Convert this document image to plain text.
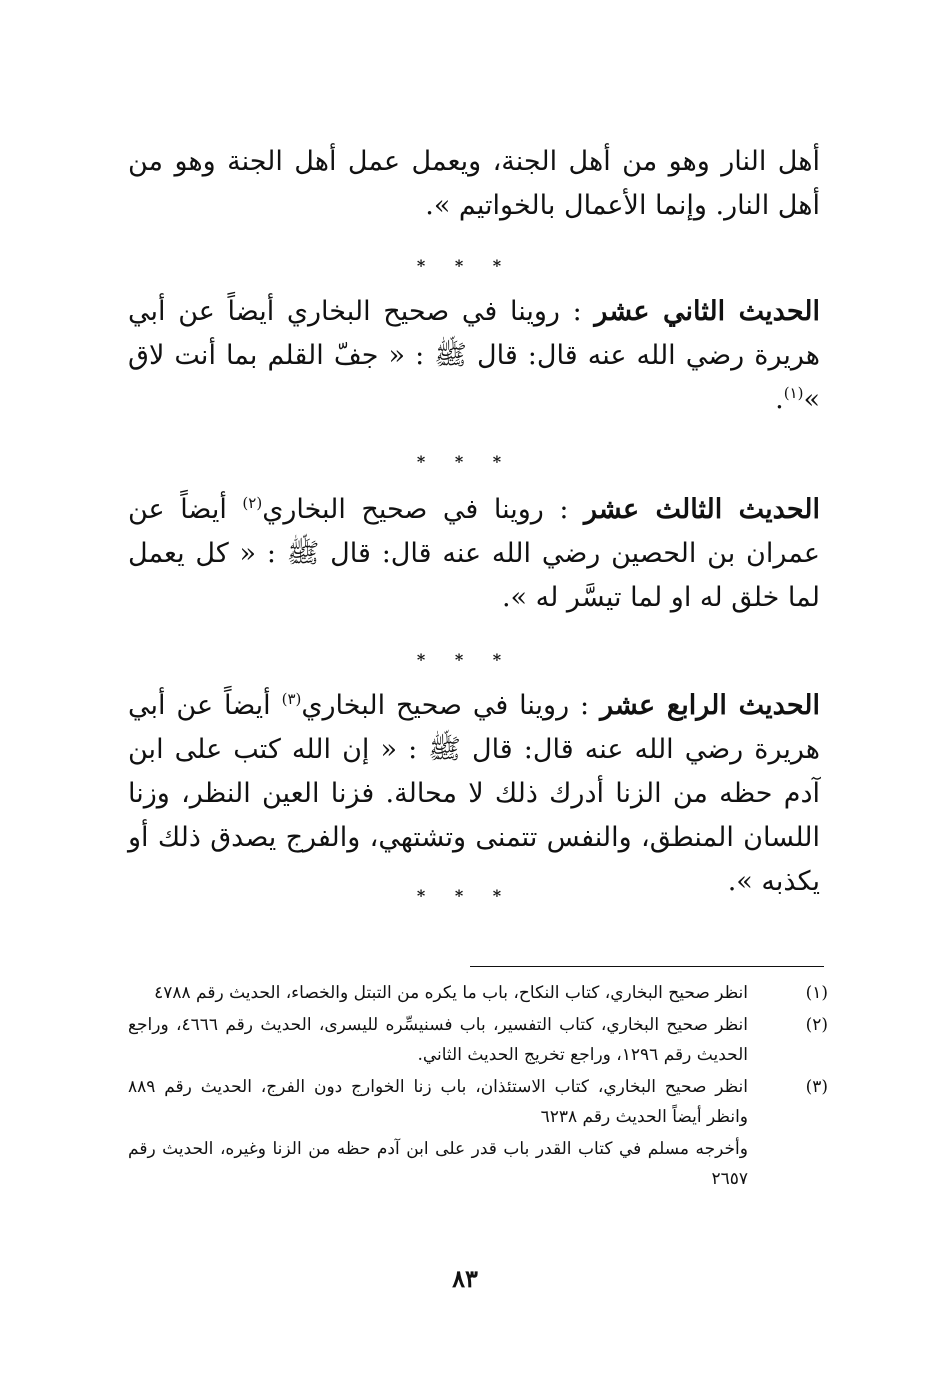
أهل النار وهو من أهل الجنة، ويعمل عمل أهل الجنة وهو من أهل النار. وإنما الأعمال بالخواتيم ».

* * *

الحديث الثاني عشر : روينا في صحيح البخاري أيضاً عن أبي هريرة رضي الله عنه قال: قال ﷺ : « جفّ القلم بما أنت لاق »$^{(١)}$.

* * *

الحديث الثالث عشر : روينا في صحيح البخاري$^{(٢)}$ أيضاً عن عمران بن الحصين رضي الله عنه قال: قال ﷺ : « كل يعمل لما خلق له او لما تيسَّر له ».

* * *

الحديث الرابع عشر : روينا في صحيح البخاري$^{(٣)}$ أيضاً عن أبي هريرة رضي الله عنه قال: قال ﷺ : « إن الله كتب على ابن آدم حظه من الزنا أدرك ذلك لا محالة. فزنا العين النظر، وزنا اللسان المنطق، والنفس تتمنى وتشتهي، والفرج يصدق ذلك أو يكذبه ».

* * *
(١)
انظر صحيح البخاري، كتاب النكاح، باب ما يكره من التبتل والخصاء، الحديث رقم ٤٧٨٨
(٢)
انظر صحيح البخاري، كتاب التفسير، باب فسنيسِّره لليسرى، الحديث رقم ٤٦٦٦، وراجع الحديث رقم ١٢٩٦، وراجع تخريج الحديث الثاني.
(٣)
انظر صحيح البخاري، كتاب الاستئذان، باب زنا الخوارج دون الفرج، الحديث رقم ٨٨٩ وانظر أيضاً الحديث رقم ٦٢٣٨
وأخرجه مسلم في كتاب القدر باب قدر على ابن آدم حظه من الزنا وغيره، الحديث رقم ٢٦٥٧
٨٣
